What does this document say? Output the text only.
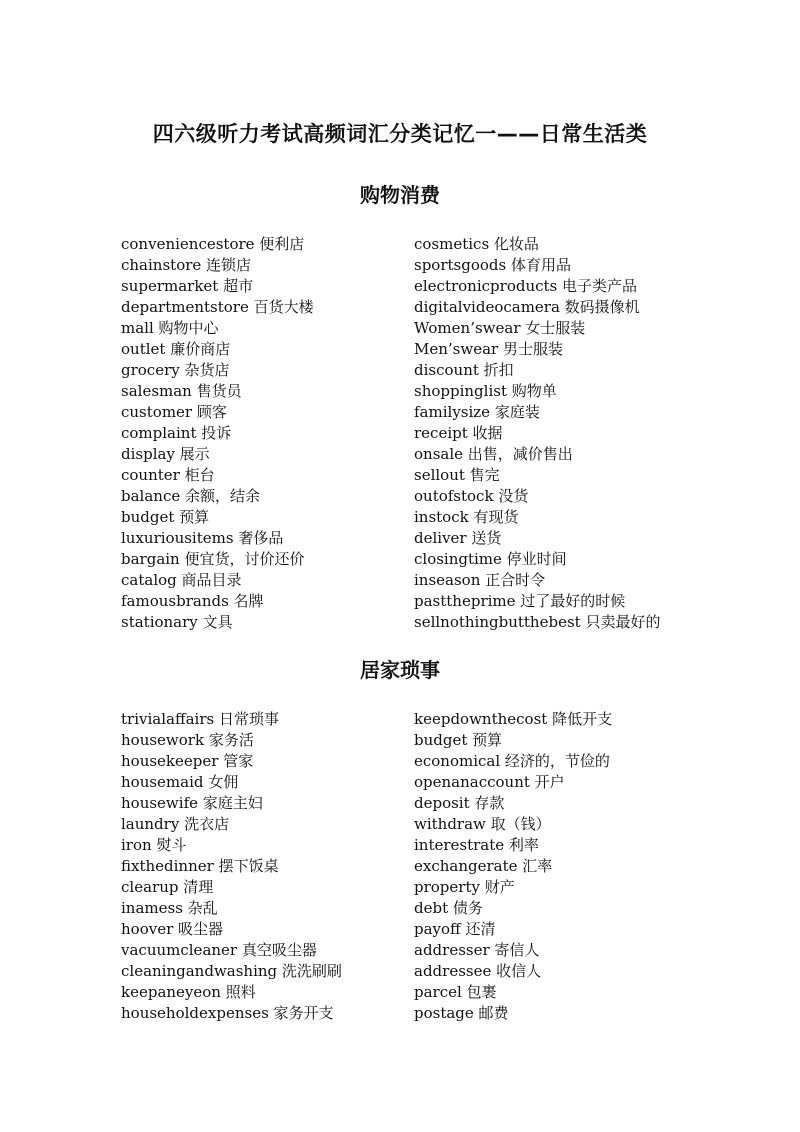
四六级听力考试高频词汇分类记忆一——日常生活类
购物消费
conveniencestore 便利店
chainstore 连锁店
supermarket 超市
departmentstore 百货大楼
mall 购物中心
outlet 廉价商店
grocery 杂货店
salesman 售货员
customer 顾客
complaint 投诉
display 展示
counter 柜台
balance 余额，结余
budget 预算
luxuriousitems 奢侈品
bargain 便宜货，讨价还价
catalog 商品目录
famousbrands 名牌
stationary 文具
cosmetics 化妆品
sportsgoods 体育用品
electronicproducts 电子类产品
digitalvideocamera 数码摄像机
Women’swear 女士服装
Men’swear 男士服装
discount 折扣
shoppinglist 购物单
familysize 家庭装
receipt 收据
onsale 出售，减价售出
sellout 售完
outofstock 没货
instock 有现货
deliver 送货
closingtime 停业时间
inseason 正合时令
pasttheprime 过了最好的时候
sellnothingbutthebest 只卖最好的
居家琐事
trivialaffairs 日常琐事
housework 家务活
housekeeper 管家
housemaid 女佣
housewife 家庭主妇
laundry 洗衣店
iron 熨斗
fixthedinner 摆下饭桌
clearup 清理
inamess 杂乱
hoover 吸尘器
vacuumcleaner 真空吸尘器
cleaningandwashing 洗洗刷刷
keepaneyeon 照料
householdexpenses 家务开支
keepdownthecost 降低开支
budget 预算
economical 经济的，节俭的
openanaccount 开户
deposit 存款
withdraw 取（钱）
interestrate 利率
exchangerate 汇率
property 财产
debt 债务
payoff 还清
addresser 寄信人
addressee 收信人
parcel 包裹
postage 邮费
